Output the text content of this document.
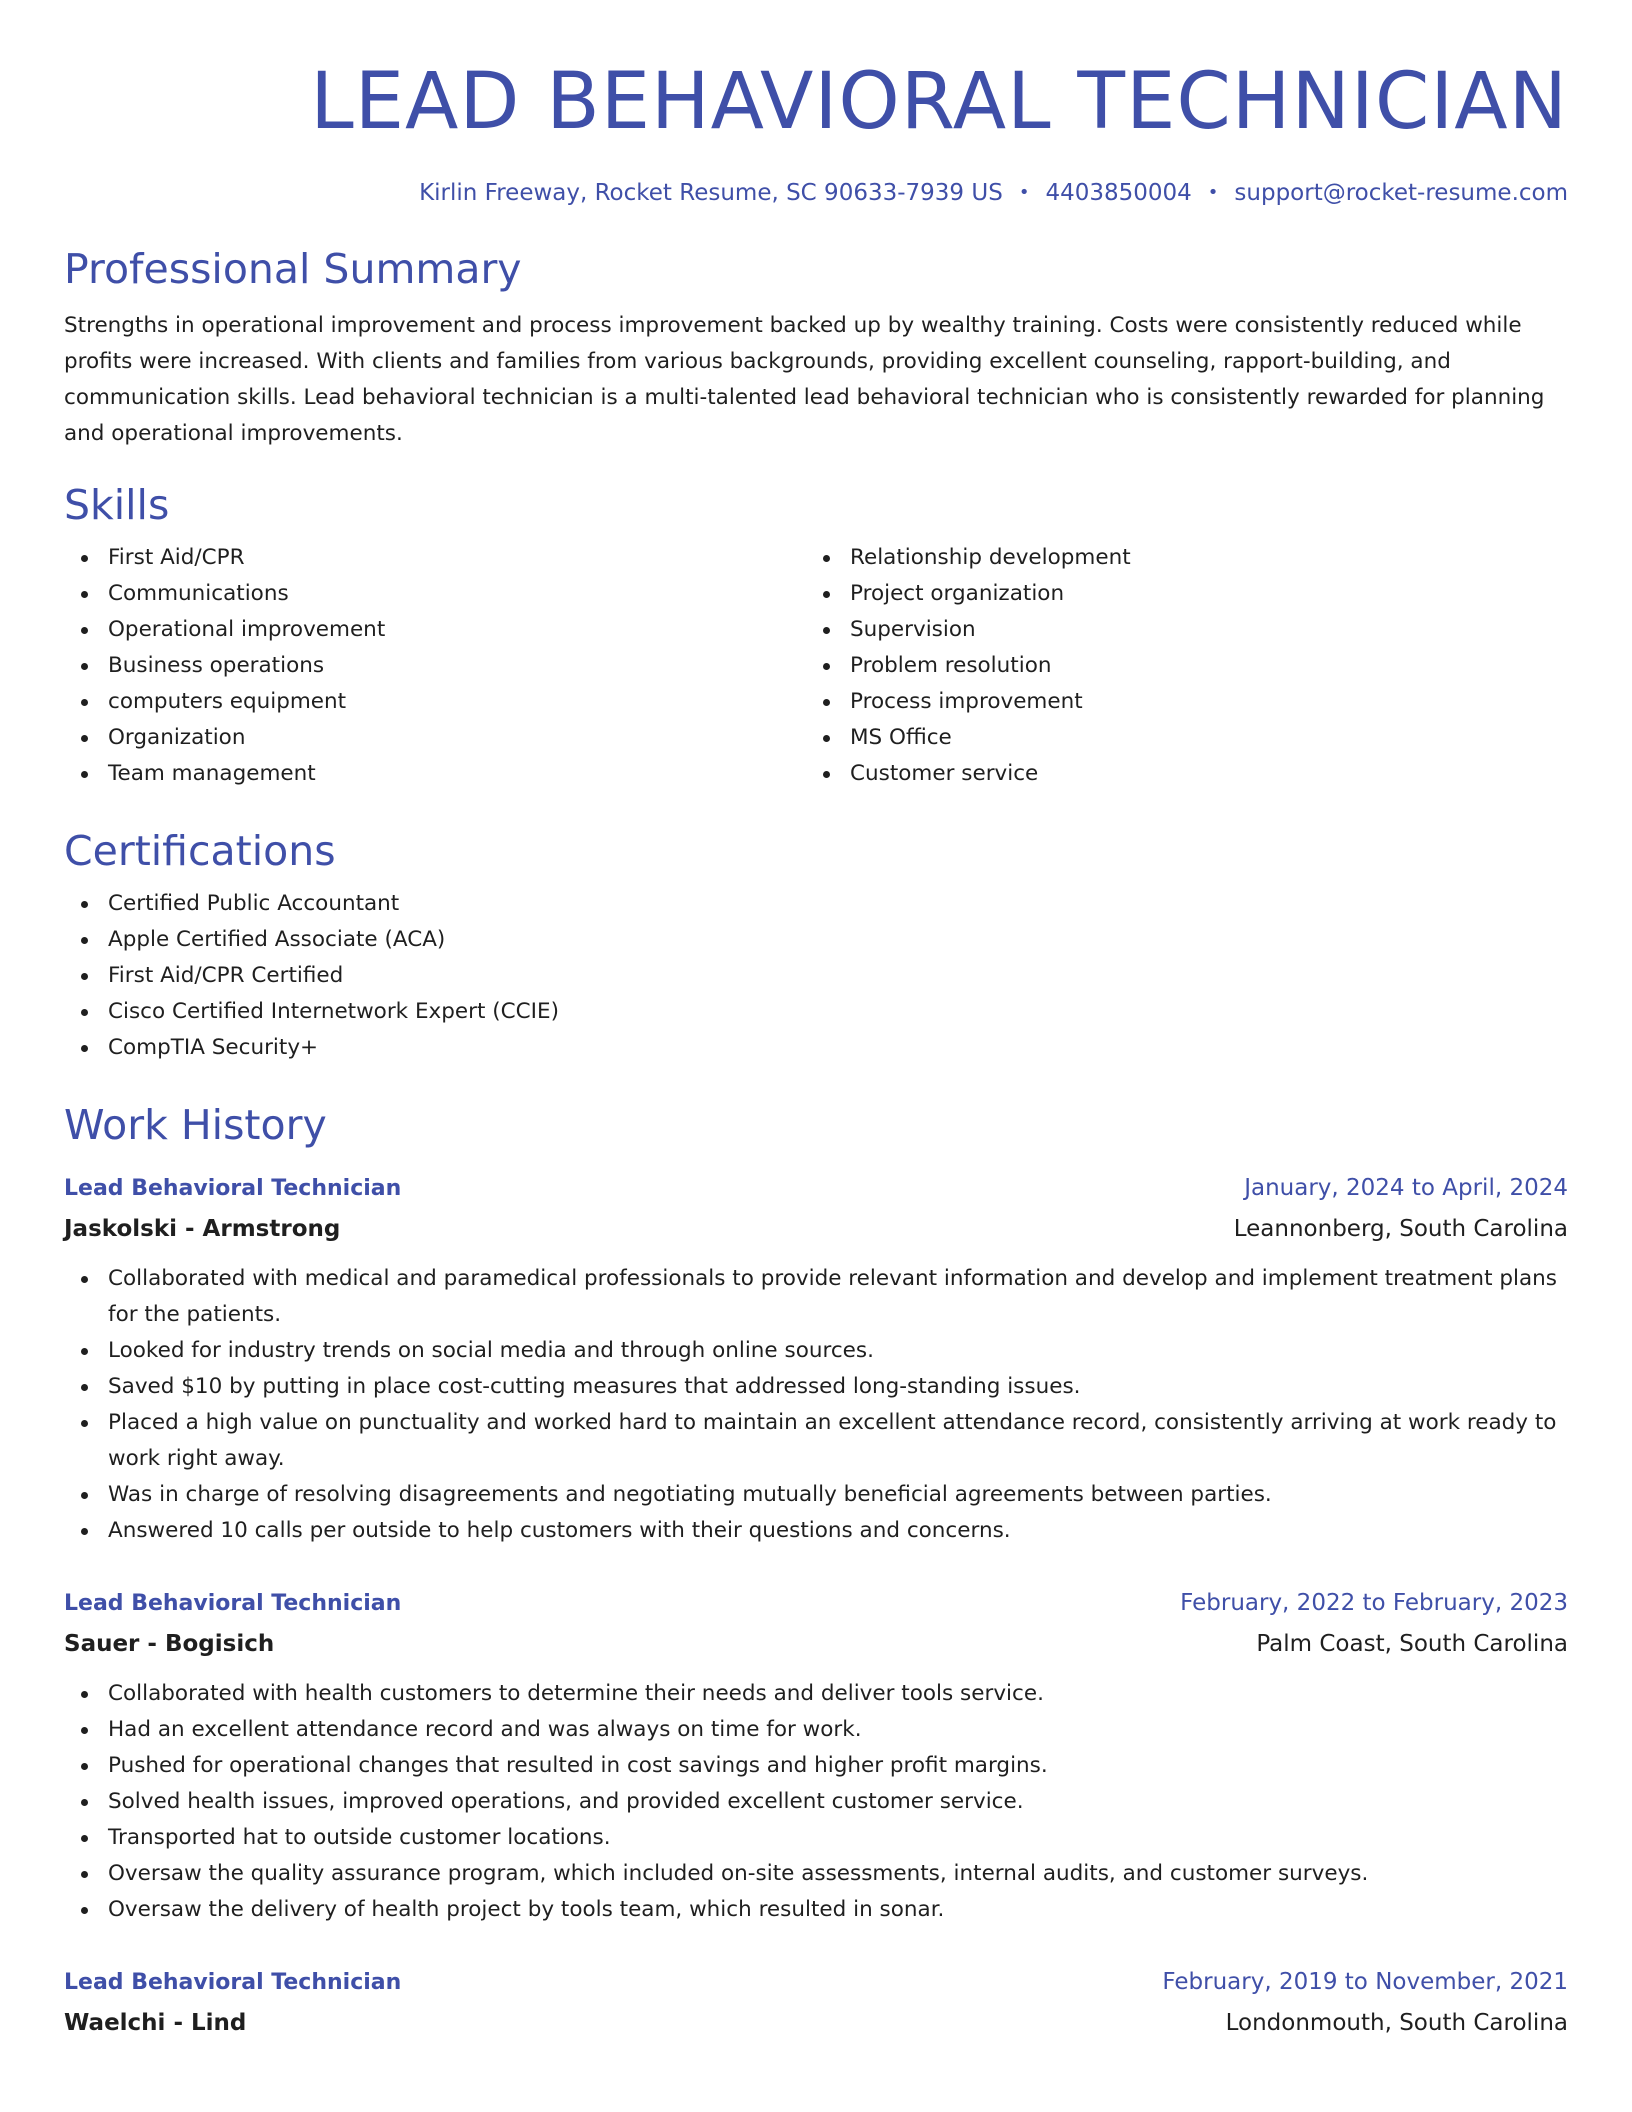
LEAD BEHAVIORAL TECHNICIAN
Kirlin Freeway, Rocket Resume, SC 90633-7939 US • 4403850004 • support@rocket-resume.com
Professional Summary
Strengths in operational improvement and process improvement backed up by wealthy training. Costs were consistently reduced while profits were increased. With clients and families from various backgrounds, providing excellent counseling, rapport-building, and communication skills. Lead behavioral technician is a multi-talented lead behavioral technician who is consistently rewarded for planning and operational improvements.
Skills
First Aid/CPR
Communications
Operational improvement
Business operations
computers equipment
Organization
Team management
Relationship development
Project organization
Supervision
Problem resolution
Process improvement
MS Office
Customer service
Certifications
Certified Public Accountant
Apple Certified Associate (ACA)
First Aid/CPR Certified
Cisco Certified Internetwork Expert (CCIE)
CompTIA Security+
Work History
Lead Behavioral Technician	January, 2024 to April, 2024
Jaskolski - Armstrong	Leannonberg, South Carolina
Collaborated with medical and paramedical professionals to provide relevant information and develop and implement treatment plans for the patients.
Looked for industry trends on social media and through online sources.
Saved $10 by putting in place cost-cutting measures that addressed long-standing issues.
Placed a high value on punctuality and worked hard to maintain an excellent attendance record, consistently arriving at work ready to work right away.
Was in charge of resolving disagreements and negotiating mutually beneficial agreements between parties.
Answered 10 calls per outside to help customers with their questions and concerns.
Lead Behavioral Technician	February, 2022 to February, 2023
Sauer - Bogisich	Palm Coast, South Carolina
Collaborated with health customers to determine their needs and deliver tools service.
Had an excellent attendance record and was always on time for work.
Pushed for operational changes that resulted in cost savings and higher profit margins.
Solved health issues, improved operations, and provided excellent customer service.
Transported hat to outside customer locations.
Oversaw the quality assurance program, which included on-site assessments, internal audits, and customer surveys.
Oversaw the delivery of health project by tools team, which resulted in sonar.
Lead Behavioral Technician	February, 2019 to November, 2021
Waelchi - Lind	Londonmouth, South Carolina
